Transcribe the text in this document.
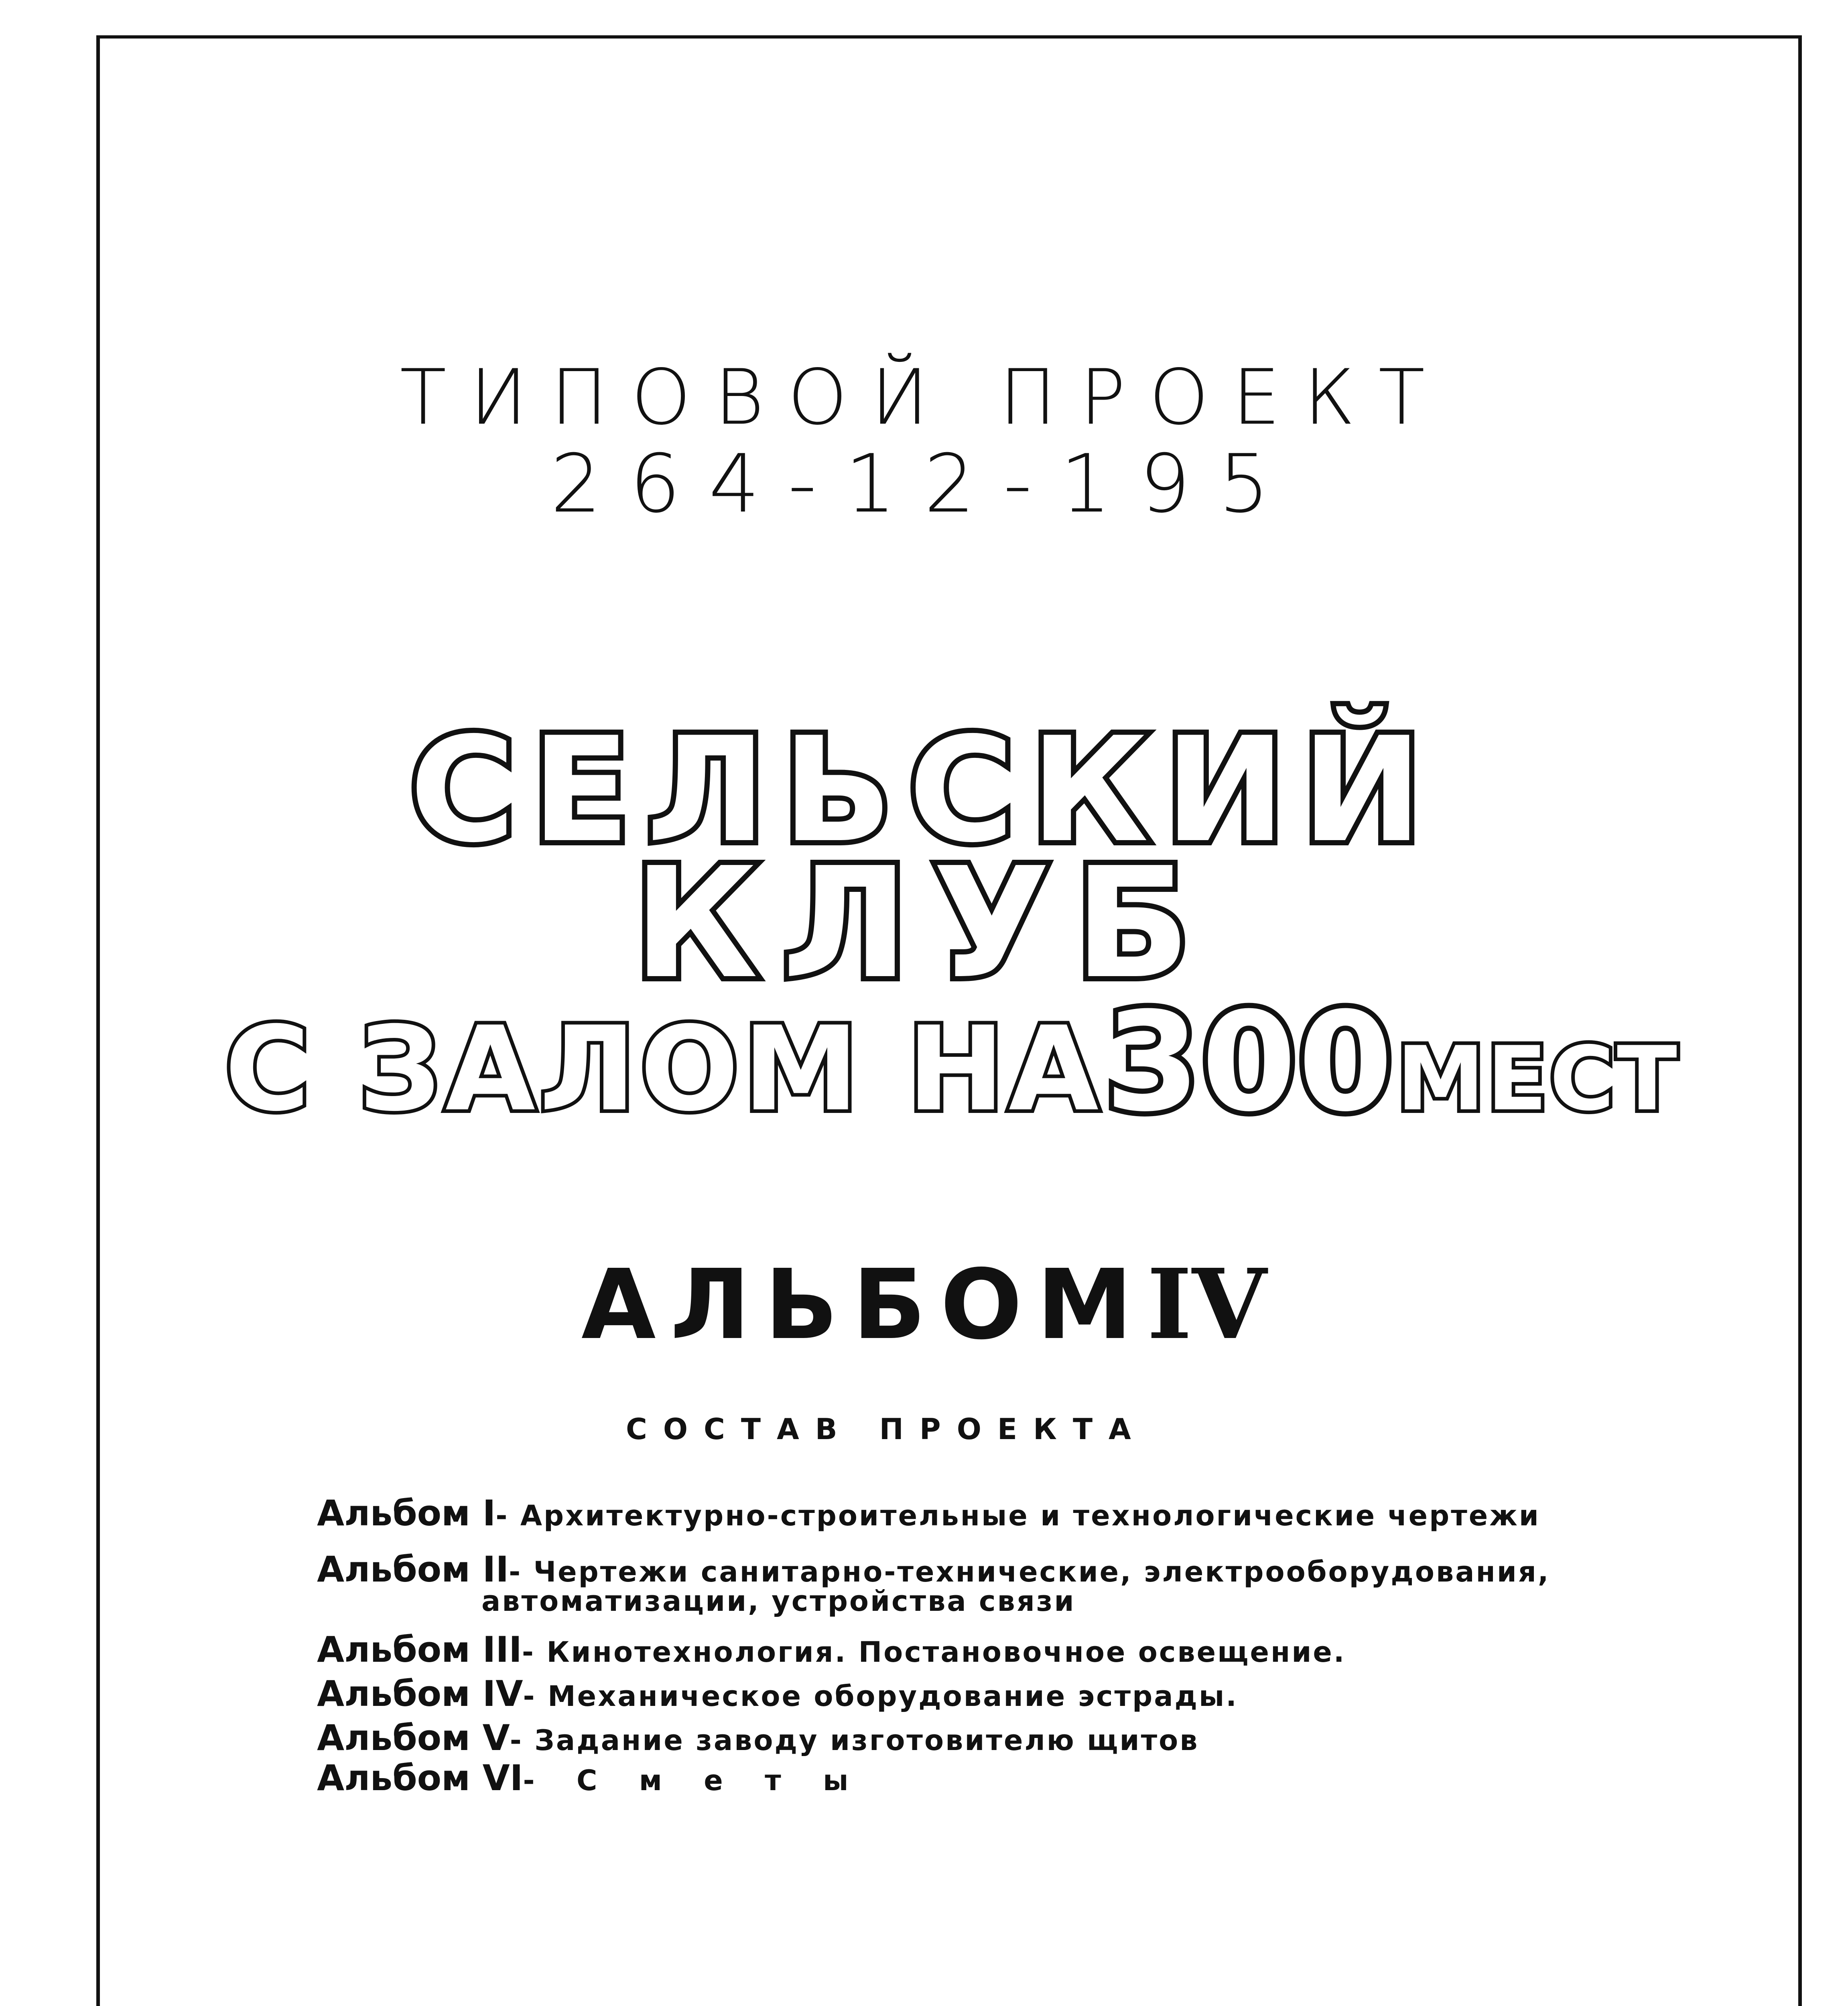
ТИПОВОЙ ПРОЕКТ
264-12-195
СЕЛЬСКИЙ
КЛУБ
С ЗАЛОМ НА 300 МЕСТ
АЛЬБОМIV
СОСТАВ ПРОЕКТА
Альбом I- Архитектурно-строительные и технологические чертежи
Альбом II- Чертежи санитарно-технические, электрооборудования,
автоматизации, устройства связи
Альбом III- Кинотехнология. Постановочное освещение.
Альбом IV- Механическое оборудование эстрады.
Альбом V- Задание заводу изготовителю щитов
Альбом VI- С м е т ы
